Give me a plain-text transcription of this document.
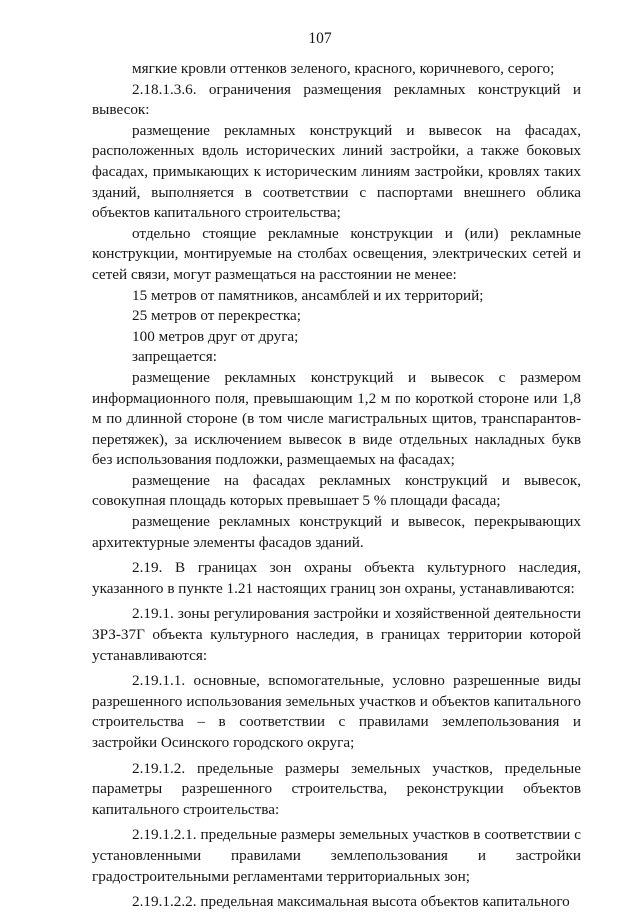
107

мягкие кровли оттенков зеленого, красного, коричневого, серого;

2.18.1.3.6. ограничения размещения рекламных конструкций и вывесок:

размещение рекламных конструкций и вывесок на фасадах, расположенных вдоль исторических линий застройки, а также боковых фасадах, примыкающих к историческим линиям застройки, кровлях таких зданий, выполняется в соответствии с паспортами внешнего облика объектов капитального строительства;

отдельно стоящие рекламные конструкции и (или) рекламные конструкции, монтируемые на столбах освещения, электрических сетей и сетей связи, могут размещаться на расстоянии не менее:

15 метров от памятников, ансамблей и их территорий;

25 метров от перекрестка;

100 метров друг от друга;

запрещается:

размещение рекламных конструкций и вывесок с размером информационного поля, превышающим 1,2 м по короткой стороне или 1,8 м по длинной стороне (в том числе магистральных щитов, транспарантов-перетяжек), за исключением вывесок в виде отдельных накладных букв без использования подложки, размещаемых на фасадах;

размещение на фасадах рекламных конструкций и вывесок, совокупная площадь которых превышает 5 % площади фасада;

размещение рекламных конструкций и вывесок, перекрывающих архитектурные элементы фасадов зданий.

2.19. В границах зон охраны объекта культурного наследия, указанного в пункте 1.21 настоящих границ зон охраны, устанавливаются:

2.19.1. зоны регулирования застройки и хозяйственной деятельности ЗРЗ-37Г объекта культурного наследия, в границах территории которой устанавливаются:

2.19.1.1. основные, вспомогательные, условно разрешенные виды разрешенного использования земельных участков и объектов капитального строительства – в соответствии с правилами землепользования и застройки Осинского городского округа;

2.19.1.2. предельные размеры земельных участков, предельные параметры разрешенного строительства, реконструкции объектов капитального строительства:

2.19.1.2.1. предельные размеры земельных участков в соответствии с установленными правилами землепользования и застройки градостроительными регламентами территориальных зон;

2.19.1.2.2. предельная максимальная высота объектов капитального
